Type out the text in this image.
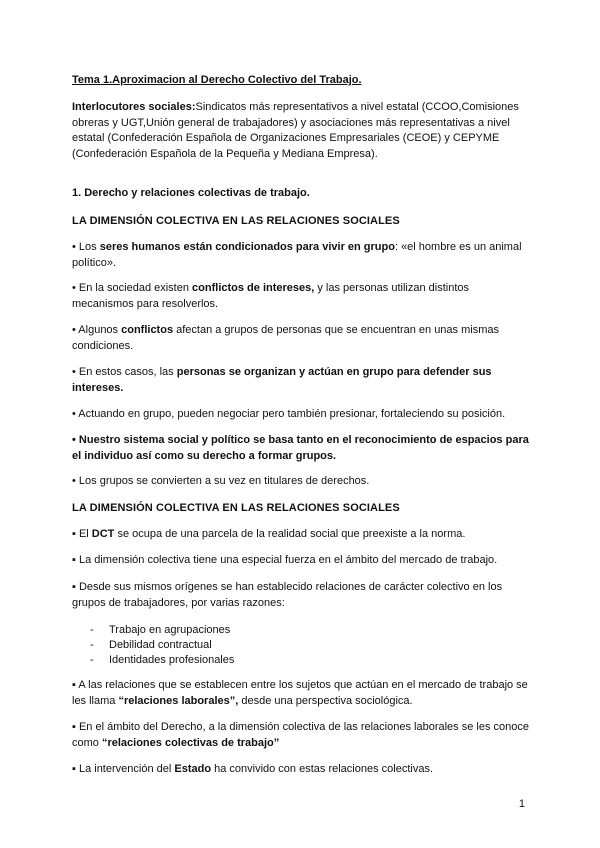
Tema 1.Aproximacion al Derecho Colectivo del Trabajo.

Interlocutores sociales:Sindicatos más representativos a nivel estatal (CCOO,Comisiones obreras y UGT,Unión general de trabajadores) y asociaciones más representativas a nivel estatal (Confederación Española de Organizaciones Empresariales (CEOE) y CEPYME (Confederación Española de la Pequeña y Mediana Empresa).

1. Derecho y relaciones colectivas de trabajo.

LA DIMENSIÓN COLECTIVA EN LAS RELACIONES SOCIALES

• Los seres humanos están condicionados para vivir en grupo: «el hombre es un animal político».

• En la sociedad existen conflictos de intereses, y las personas utilizan distintos mecanismos para resolverlos.

• Algunos conflictos afectan a grupos de personas que se encuentran en unas mismas condiciones.

• En estos casos, las personas se organizan y actúan en grupo para defender sus intereses.

• Actuando en grupo, pueden negociar pero también presionar, fortaleciendo su posición.

• Nuestro sistema social y político se basa tanto en el reconocimiento de espacios para el individuo así como su derecho a formar grupos.

• Los grupos se convierten a su vez en titulares de derechos.

LA DIMENSIÓN COLECTIVA EN LAS RELACIONES SOCIALES

▪ El DCT se ocupa de una parcela de la realidad social que preexiste a la norma.

▪ La dimensión colectiva tiene una especial fuerza en el ámbito del mercado de trabajo.

▪ Desde sus mismos orígenes se han establecido relaciones de carácter colectivo en los grupos de trabajadores, por varias razones:

- Trabajo en agrupaciones
- Debilidad contractual
- Identidades profesionales

▪ A las relaciones que se establecen entre los sujetos que actúan en el mercado de trabajo se les llama “relaciones laborales”, desde una perspectiva sociológica.

▪ En el ámbito del Derecho, a la dimensión colectiva de las relaciones laborales se les conoce como “relaciones colectivas de trabajo”

▪ La intervención del Estado ha convivido con estas relaciones colectivas.

1
